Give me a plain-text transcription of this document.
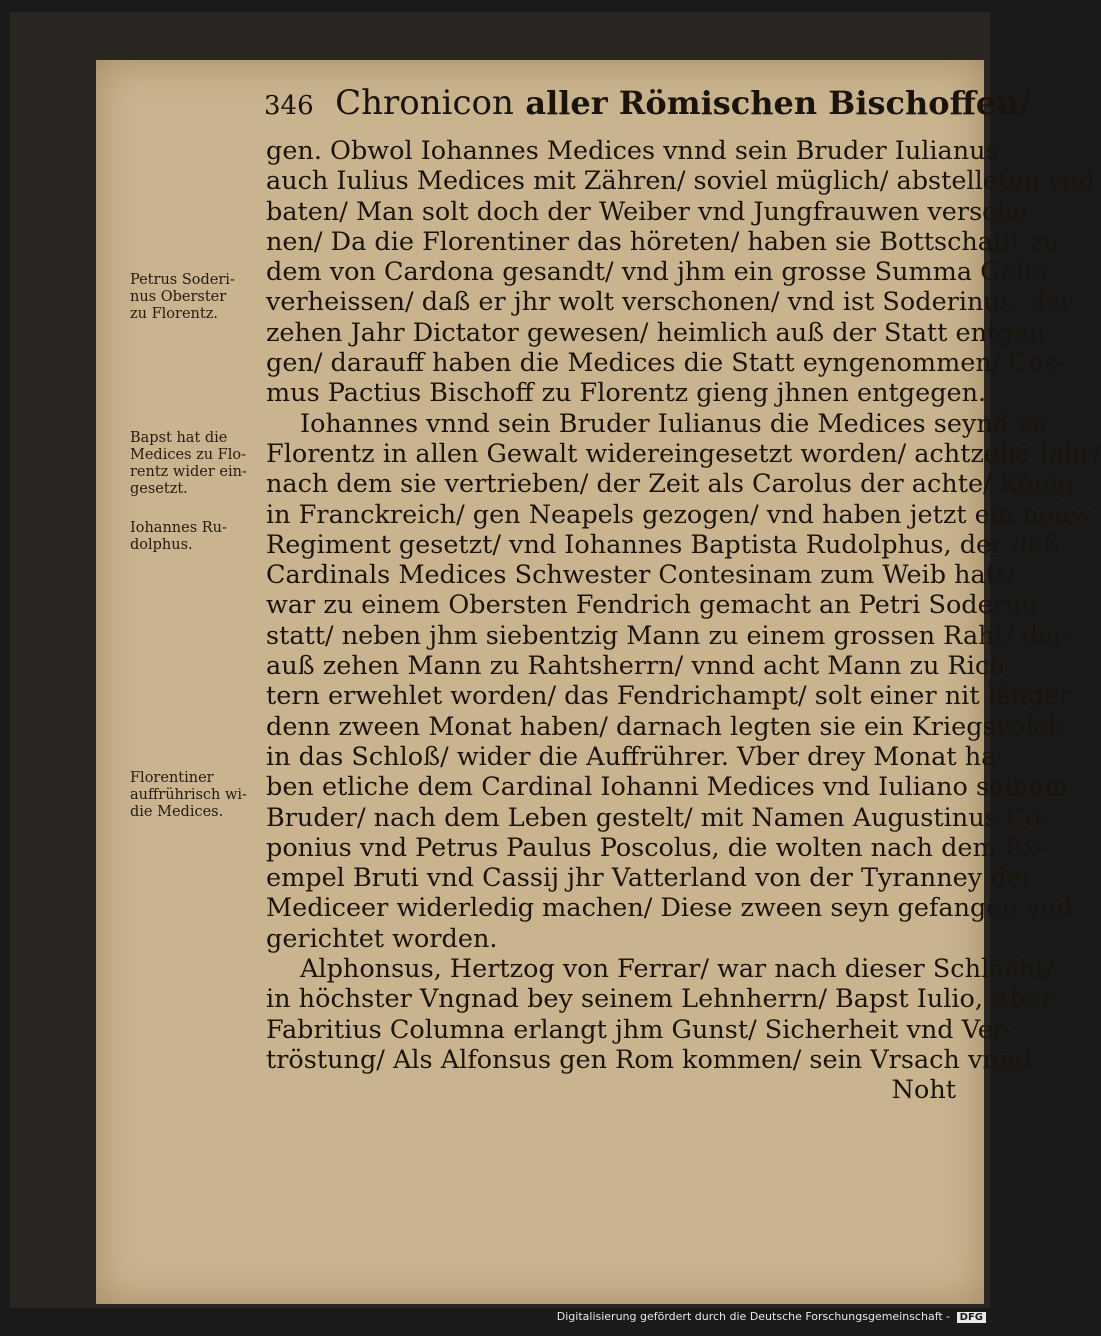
346 Chronicon aller Römischen Bischoffen/
Petrus Soderi-
nus Oberster
zu Florentz.
Bapst hat die
Medices zu Flo-
rentz wider ein-
gesetzt.
Iohannes Ru-
dolphus.
Florentiner
auffrührisch wi-
die Medices.
gen. Obwol Iohannes Medices vnnd sein Bruder Iulianus,
auch Iulius Medices mit Zähren/ soviel müglich/ abstelleten vnd
baten/ Man solt doch der Weiber vnd Jungfrauwen verscho-
nen/ Da die Florentiner das höreten/ haben sie Bottschafft zu
dem von Cardona gesandt/ vnd jhm ein grosse Summa Gelts
verheissen/ daß er jhr wolt verschonen/ vnd ist Soderinus, der
zehen Jahr Dictator gewesen/ heimlich auß der Statt entgan-
gen/ darauff haben die Medices die Statt eyngenommen/ Cos-
mus Pactius Bischoff zu Florentz gieng jhnen entgegen.
Iohannes vnnd sein Bruder Iulianus die Medices seynd zu
Florentz in allen Gewalt widereingesetzt worden/ achtzehē Jahr/
nach dem sie vertrieben/ der Zeit als Carolus der achte/ König
in Franckreich/ gen Neapels gezogen/ vnd haben jetzt ein neuw
Regiment gesetzt/ vnd Iohannes Baptista Rudolphus, der deß
Cardinals Medices Schwester Contesinam zum Weib hatt/
war zu einem Obersten Fendrich gemacht an Petri Soderini
statt/ neben jhm siebentzig Mann zu einem grossen Raht/ dar-
auß zehen Mann zu Rahtsherrn/ vnnd acht Mann zu Rich-
tern erwehlet worden/ das Fendrichampt/ solt einer nit länger
denn zween Monat haben/ darnach legten sie ein Kriegsvolck
in das Schloß/ wider die Auffrührer. Vber drey Monat ha-
ben etliche dem Cardinal Iohanni Medices vnd Iuliano seinem
Bruder/ nach dem Leben gestelt/ mit Namen Augustinus Co-
ponius vnd Petrus Paulus Poscolus, die wolten nach dem Ex-
empel Bruti vnd Cassij jhr Vatterland von der Tyranney der
Mediceer widerledig machen/ Diese zween seyn gefangen vnd
gerichtet worden.
Alphonsus, Hertzog von Ferrar/ war nach dieser Schlacht/
in höchster Vngnad bey seinem Lehnherrn/ Bapst Iulio, Aber
Fabritius Columna erlangt jhm Gunst/ Sicherheit vnd Ver-
tröstung/ Als Alfonsus gen Rom kommen/ sein Vrsach vnnd
Noht
Digitalisierung gefördert durch die Deutsche Forschungsgemeinschaft - DFG
